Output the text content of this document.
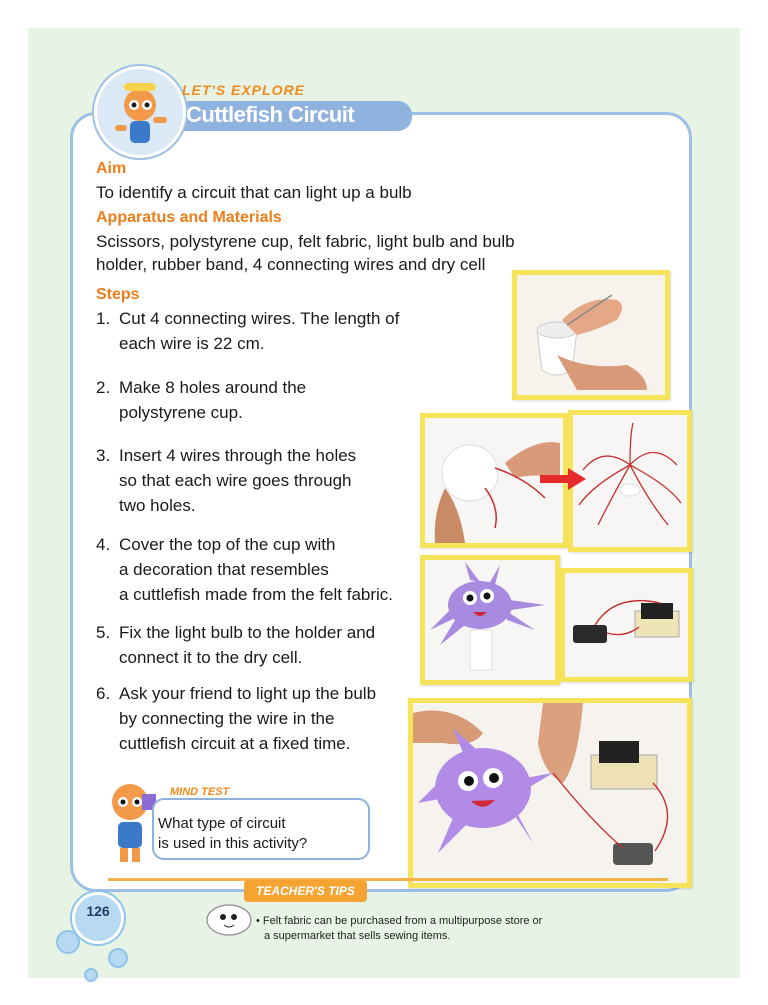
LET'S EXPLORE
Cuttlefish Circuit
Aim
To identify a circuit that can light up a bulb
Apparatus and Materials
Scissors, polystyrene cup, felt fabric, light bulb and bulb
holder, rubber band, 4 connecting wires and dry cell
Steps
1. Cut 4 connecting wires. The length of
each wire is 22 cm.
2. Make 8 holes around the
polystyrene cup.
3. Insert 4 wires through the holes
so that each wire goes through
two holes.
4. Cover the top of the cup with
a decoration that resembles
a cuttlefish made from the felt fabric.
5. Fix the light bulb to the holder and
connect it to the dry cell.
6. Ask your friend to light up the bulb
by connecting the wire in the
cuttlefish circuit at a fixed time.
MIND TEST
What type of circuit
is used in this activity?
TEACHER'S TIPS
• Felt fabric can be purchased from a multipurpose store or
a supermarket that sells sewing items.
126
